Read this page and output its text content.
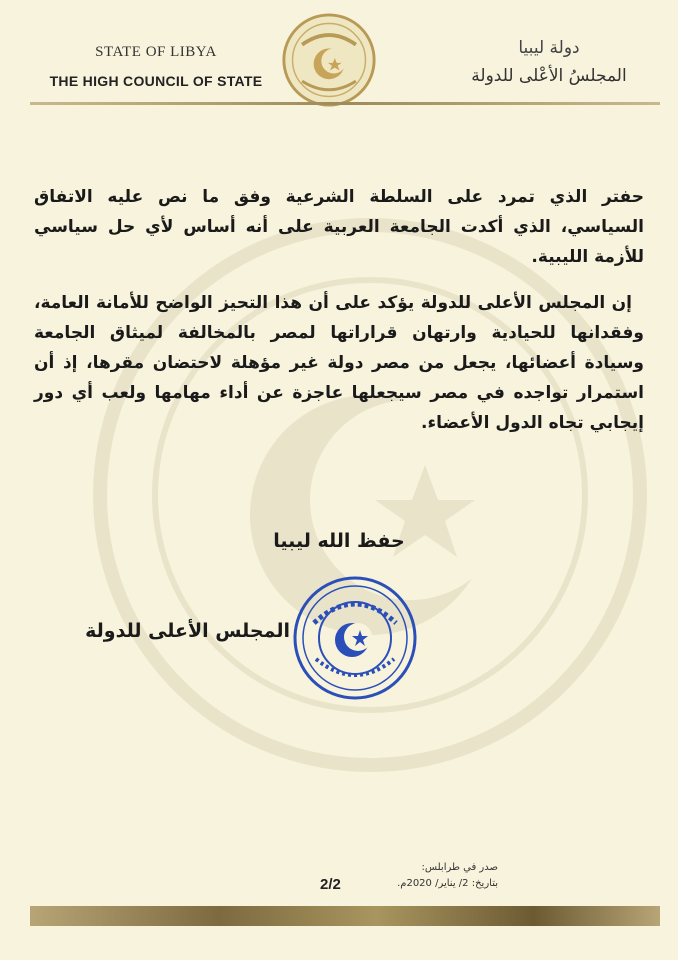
STATE OF LIBYA
THE HIGH COUNCIL OF STATE
دولة ليبيا
المجلسُ الأعْلى للدولة

حفتر الذي تمرد على السلطة الشرعية وفق ما نص عليه الاتفاق السياسي، الذي أكدت الجامعة العربية على أنه أساس لأي حل سياسي للأزمة الليبية.

إن المجلس الأعلى للدولة يؤكد على أن هذا التحيز الواضح للأمانة العامة، وفقدانها للحيادية وارتهان قراراتها لمصر بالمخالفة لميثاق الجامعة وسيادة أعضائها، يجعل من مصر دولة غير مؤهلة لاحتضان مقرها، إذ أن استمرار تواجده في مصر سيجعلها عاجزة عن أداء مهامها ولعب أي دور إيجابي تجاه الدول الأعضاء.

حفظ الله ليبيا
المجلس الأعلى للدولة
صدر في طرابلس:
بتاريخ: 2/ يناير/ 2020م.
2/2
